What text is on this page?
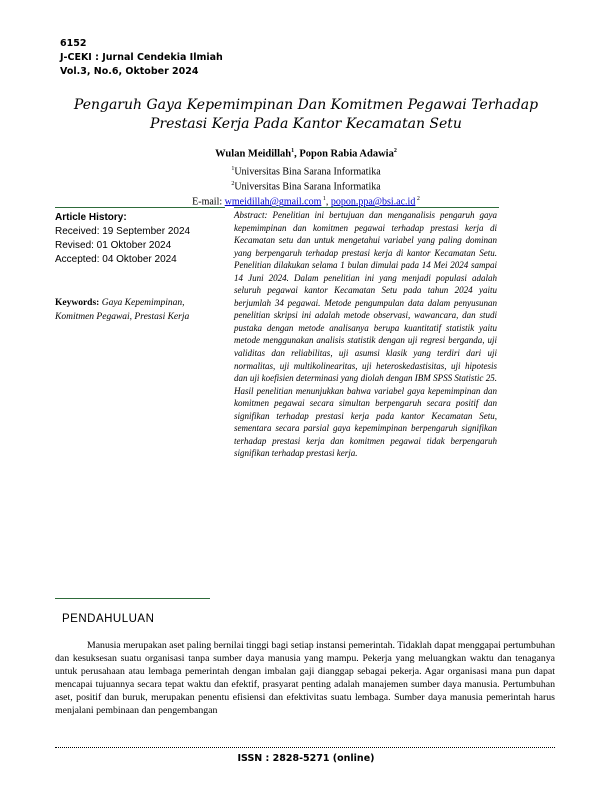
6152
J-CEKI : Jurnal Cendekia Ilmiah
Vol.3, No.6, Oktober 2024
Pengaruh Gaya Kepemimpinan Dan Komitmen Pegawai Terhadap
Prestasi Kerja Pada Kantor Kecamatan Setu
Wulan Meidillah$^1$, Popon Rabia Adawia$^2$
$^1$Universitas Bina Sarana Informatika
$^2$Universitas Bina Sarana Informatika
E-mail: wmeidillah@gmail.com $^1$, popon.ppa@bsi.ac.id $^2$
Article History:
Received: 19 September 2024
Revised: 01 Oktober 2024
Accepted: 04 Oktober 2024
Keywords: Gaya Kepemimpinan, Komitmen Pegawai, Prestasi Kerja
Abstract: Penelitian ini bertujuan dan menganalisis pengaruh gaya kepemimpinan dan komitmen pegawai terhadap prestasi kerja di Kecamatan setu dan untuk mengetahui variabel yang paling dominan yang berpengaruh terhadap prestasi kerja di kantor Kecamatan Setu. Penelitian dilakukan selama 1 bulan dimulai pada 14 Mei 2024 sampai 14 Juni 2024. Dalam penelitian ini yang menjadi populasi adalah seluruh pegawai kantor Kecamatan Setu pada tahun 2024 yaitu berjumlah 34 pegawai. Metode pengumpulan data dalam penyusunan penelitian skripsi ini adalah metode observasi, wawancara, dan studi pustaka dengan metode analisanya berupa kuantitatif statistik yaitu metode menggunakan analisis statistik dengan uji regresi berganda, uji validitas dan reliabilitas, uji asumsi klasik yang terdiri dari uji normalitas, uji multikolinearitas, uji heteroskedastisitas, uji hipotesis dan uji koefisien determinasi yang diolah dengan IBM SPSS Statistic 25. Hasil penelitian menunjukkan bahwa variabel gaya kepemimpinan dan komitmen pegawai secara simultan berpengaruh secara positif dan signifikan terhadap prestasi kerja pada kantor Kecamatan Setu, sementara secara parsial gaya kepemimpinan berpengaruh signifikan terhadap prestasi kerja dan komitmen pegawai tidak berpengaruh signifikan terhadap prestasi kerja.
PENDAHULUAN

Manusia merupakan aset paling bernilai tinggi bagi setiap instansi pemerintah. Tidaklah dapat menggapai pertumbuhan dan kesuksesan suatu organisasi tanpa sumber daya manusia yang mampu. Pekerja yang meluangkan waktu dan tenaganya untuk perusahaan atau lembaga pemerintah dengan imbalan gaji dianggap sebagai pekerja. Agar organisasi mana pun dapat mencapai tujuannya secara tepat waktu dan efektif, prasyarat penting adalah manajemen sumber daya manusia. Pertumbuhan aset, positif dan buruk, merupakan penentu efisiensi dan efektivitas suatu lembaga. Sumber daya manusia pemerintah harus menjalani pembinaan dan pengembangan

ISSN : 2828-5271 (online)
